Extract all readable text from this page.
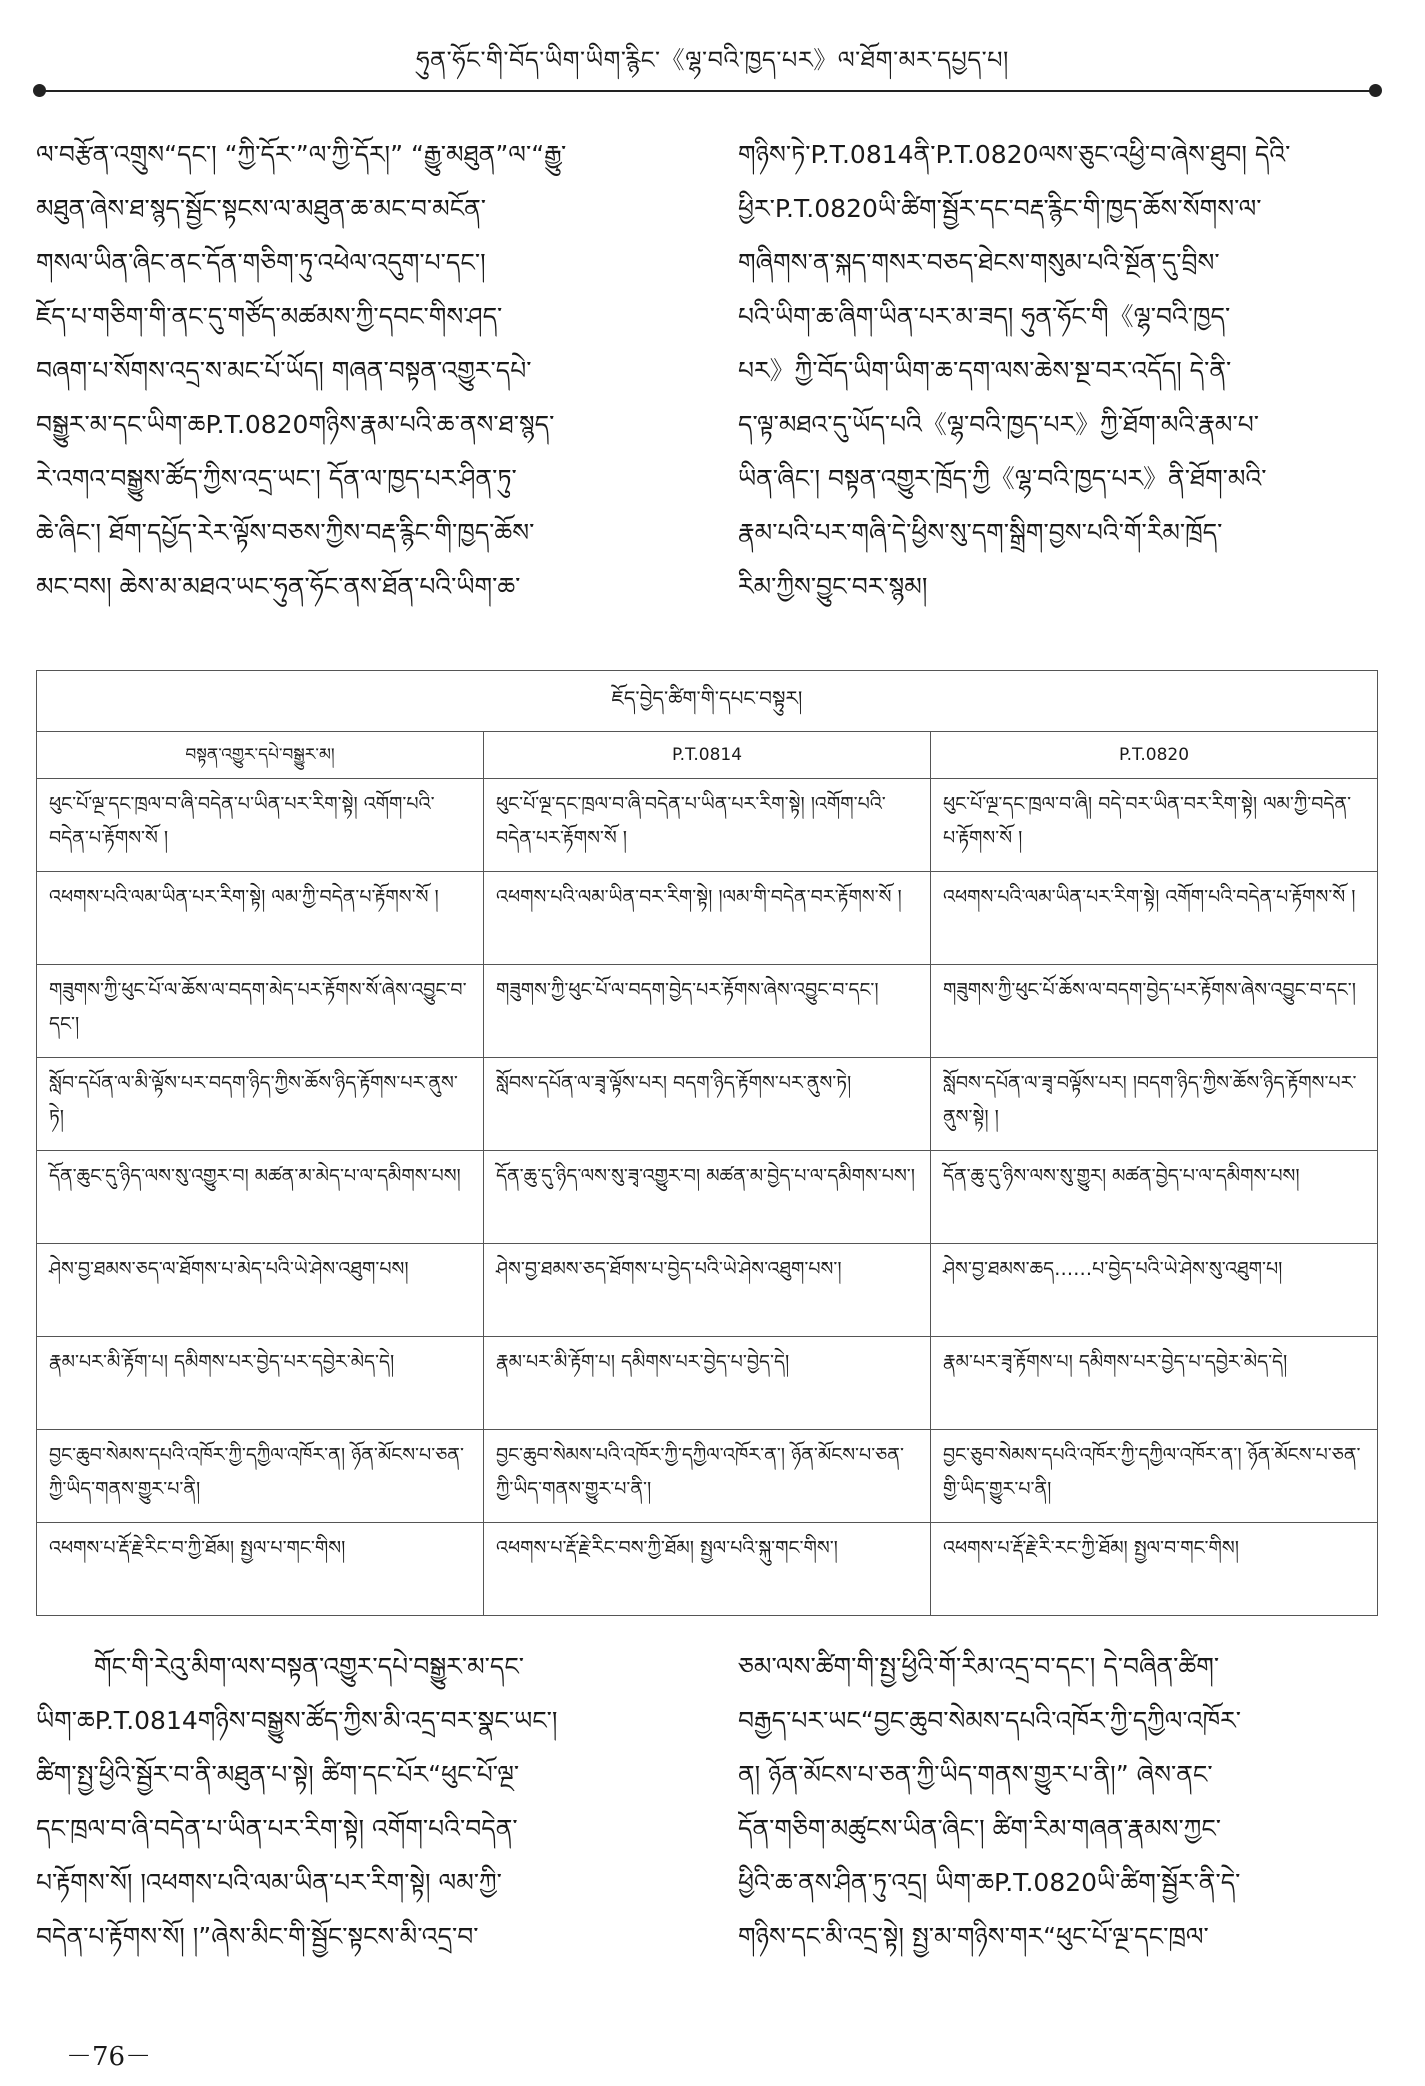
ཧུན་ཧོང་གི་བོད་ཡིག་ཡིག་རྙིང་《ལྷ་བའི་ཁྱད་པར》ལ་ཐོག་མར་དཔྱད་པ།

ལ་བརྩོན་འགྲུས“དང་། “ཀྱི་དོར་”ལ་ཀྱི་དོར།” “རྒྱུ་མཐུན”ལ་“རྒྱུ་

མཐུན་ཞེས་ཐ་སྙད་སྦྱོང་སྟངས་ལ་མཐུན་ཆ་མང་བ་མངོན་

གསལ་ཡིན་ཞིང་ནང་དོན་གཅིག་ཏུ་འཕེལ་འདུག་པ་དང་།

ཇོད་པ་གཅིག་གི་ནང་དུ་གཙོད་མཚམས་ཀྱི་དབང་གིས་ཤད་

བཞག་པ་སོགས་འདྲ་ས་མང་པོ་ཡོད། གཞན་བསྟན་འགྱུར་དཔེ་

བསྒྱུར་མ་དང་ཡིག་ཆP.T.0820གཉིས་རྣམ་པའི་ཆ་ནས་ཐ་སྙད་

རེ་འགའ་བསྒྱུས་ཚོད་ཀྱིས་འདྲ་ཡང་། དོན་ལ་ཁྱད་པར་ཤིན་ཏུ་

ཆེ་ཞིང་། ཐོག་དཔྱོད་རེར་ལྟོས་བཅས་ཀྱིས་བརྡ་རྙིང་གི་ཁྱད་ཆོས་

མང་བས། ཆེས་མ་མཐའ་ཡང་ཧུན་ཧོང་ནས་ཐོན་པའི་ཡིག་ཆ་

གཉིས་ཏེ་P.T.0814ནི་P.T.0820ལས་ཅུང་འཕྱི་བ་ཞེས་ཐུབ། དེའི་

ཕྱིར་P.T.0820ཡི་ཚིག་སྦྱོར་དང་བརྡ་རྙིང་གི་ཁྱད་ཆོས་སོགས་ལ་

གཞིགས་ན་སྐད་གསར་བཅད་ཐེངས་གསུམ་པའི་སྔོན་དུ་བྲིས་

པའི་ཡིག་ཆ་ཞིག་ཡིན་པར་མ་ཟད། ཧུན་ཧོང་གི《ལྷ་བའི་ཁྱད་

པར》ཀྱི་བོད་ཡིག་ཡིག་ཆ་དག་ལས་ཆེས་སྔ་བར་འདོད། དེ་ནི་

ད་ལྟ་མཐའ་དུ་ཡོད་པའི《ལྷ་བའི་ཁྱད་པར》ཀྱི་ཐོག་མའི་རྣམ་པ་

ཡིན་ཞིང་། བསྟན་འགྱུར་ཁྲོད་ཀྱི《ལྷ་བའི་ཁྱད་པར》ནི་ཐོག་མའི་

རྣམ་པའི་པར་གཞི་དེ་ཕྱིས་སུ་དག་སྒྲིག་བྱས་པའི་གོ་རིམ་ཁྲོད་

རིམ་ཀྱིས་བྱུང་བར་སྙམ།

ཇོད་བྱེད་ཚིག་གི་དཔང་བསྟུར།		
བསྟན་འགྱུར་དཔེ་བསྒྱུར་མ།	P.T.0814	P.T.0820
ཕུང་པོ་ལྔ་དང་ཁྲལ་བ་ཞི་བདེན་པ་ཡིན་པར་རིག་སྟེ། འགོག་པའི་བདེན་པ་རྟོགས་སོ །	ཕུང་པོ་ལྔ་དང་ཁྲལ་བ་ཞི་བདེན་པ་ཡིན་པར་རིག་སྟེ། །འགོག་པའི་བདེན་པར་རྟོགས་སོ །	ཕུང་པོ་ལྔ་དང་ཁྲལ་བ་ཞི། བདེ་བར་ཡིན་བར་རིག་སྟེ། ལམ་ཀྱི་བདེན་པ་རྟོགས་སོ །
འཕགས་པའི་ལམ་ཡིན་པར་རིག་སྟེ། ལམ་ཀྱི་བདེན་པ་རྟོགས་སོ །	འཕགས་པའི་ལམ་ཡིན་བར་རིག་སྟེ། །ལམ་གི་བདེན་བར་རྟོགས་སོ །	འཕགས་པའི་ལམ་ཡིན་པར་རིག་སྟེ། འགོག་པའི་བདེན་པ་རྟོགས་སོ །
གཟུགས་ཀྱི་ཕུང་པོ་ལ་ཆོས་ལ་བདག་མེད་པར་རྟོགས་སོ་ཞེས་འབྱུང་བ་དང་།	གཟུགས་ཀྱི་ཕུང་པོ་ལ་བདག་བྱེད་པར་རྟོགས་ཞེས་འབྱུང་བ་དང་།	གཟུགས་ཀྱི་ཕུང་པོ་ཆོས་ལ་བདག་བྱེད་པར་རྟོགས་ཞེས་འབྱུང་བ་དང་།
སློབ་དཔོན་ལ་མི་ལྟོས་པར་བདག་ཉིད་ཀྱིས་ཆོས་ཉིད་རྟོགས་པར་ནུས་ཏེ།	སློབས་དཔོན་ལ་ཟྭ་ལྟོས་པར། བདག་ཉིད་རྟོགས་པར་ནུས་ཏེ།	སློབས་དཔོན་ལ་ཟྭ་བལྟོས་པར། །བདག་ཉིད་ཀྱིས་ཆོས་ཉིད་རྟོགས་པར་ནུས་སྟེ། །
དོན་ཆུང་དུ་ཉིད་ལས་སུ་འགྱུར་བ། མཚན་མ་མེད་པ་ལ་དམིགས་པས།	དོན་ཆུ་དུ་ཉིད་ལས་སུ་ཟྭ་འགྱུར་བ། མཚན་མ་བྱེད་པ་ལ་དམིགས་པས་།	དོན་ཆུ་དུ་ཉིས་ལས་སུ་གྱུར། མཚན་བྱེད་པ་ལ་དམིགས་པས།
ཤེས་བྱ་ཐམས་ཅད་ལ་ཐོགས་པ་མེད་པའི་ཡེ་ཤེས་འཐུག་པས།	ཤེས་བྱ་ཐམས་ཅད་ཐོགས་པ་བྱེད་པའི་ཡེ་ཤེས་འཐུག་པས་།	ཤེས་བྱ་ཐམས་ཆད……པ་བྱེད་པའི་ཡེ་ཤེས་སུ་འཐུག་པ།
རྣམ་པར་མི་རྟོག་པ། དམིགས་པར་བྱེད་པར་དབྱེར་མེད་དེ།	རྣམ་པར་མི་རྟོག་པ། དམིགས་པར་བྱེད་པ་བྱེད་དེ།	རྣམ་པར་ཟྭ་རྟོགས་པ། དམིགས་པར་བྱེད་པ་དབྱེར་མེད་དེ།
བྱང་ཆུབ་སེམས་དཔའི་འཁོར་ཀྱི་དཀྱིལ་འཁོར་ན། ཉོན་མོངས་པ་ཅན་ཀྱི་ཡིད་གནས་གྱུར་པ་ནི།	བྱང་ཆུབ་སེམས་པའི་འཁོར་ཀྱི་དཀྱིལ་འཁོར་ན་། ཉོན་མོངས་པ་ཅན་ཀྱི་ཡིད་གནས་གྱུར་པ་ནི་།	བྱང་ཅུབ་སེམས་དཔའི་འཁོར་ཀྱི་དཀྱིལ་འཁོར་ན་། ཉོན་མོངས་པ་ཅན་གྱི་ཡིད་གྱུར་པ་ནི།
འཕགས་པ་རྡོ་རྗེ་རིང་བ་ཀྱི་ཐོམ། སྤྱལ་པ་གང་གིས།	འཕགས་པ་རྡོ་རྗེ་རིང་བས་ཀྱི་ཐོམ། སྤྱལ་པའི་སྐུ་གང་གིས་།	འཕགས་པ་རྡོ་རྗེ་རི་རང་ཀྱི་ཐོམ། སྤྱལ་བ་གང་གིས།

གོང་གི་རེའུ་མིག་ལས་བསྟན་འགྱུར་དཔེ་བསྒྱུར་མ་དང་

ཡིག་ཆP.T.0814གཉིས་བསྒྱུས་ཚོད་ཀྱིས་མི་འདྲ་བར་སྣང་ཡང་།

ཚིག་སྤྱ་ཕྱིའི་སྦྱོར་བ་ནི་མཐུན་པ་སྟེ། ཚིག་དང་པོར“ཕུང་པོ་ལྔ་

དང་ཁྲལ་བ་ཞི་བདེན་པ་ཡིན་པར་རིག་སྟེ། འགོག་པའི་བདེན་

པ་རྟོགས་སོ། །འཕགས་པའི་ལམ་ཡིན་པར་རིག་སྟེ། ལམ་ཀྱི་

བདེན་པ་རྟོགས་སོ། །”ཞེས་མིང་གི་སྦྱོང་སྟངས་མི་འདྲ་བ་

ཅམ་ལས་ཚིག་གི་སྤྱ་ཕྱིའི་གོ་རིམ་འདྲ་བ་དང་། དེ་བཞིན་ཚིག་

བརྒྱད་པར་ཡང“བྱང་ཆུབ་སེམས་དཔའི་འཁོར་ཀྱི་དཀྱིལ་འཁོར་

ན། ཉོན་མོངས་པ་ཅན་ཀྱི་ཡིད་གནས་གྱུར་པ་ནི།” ཞེས་ནང་

དོན་གཅིག་མཚུངས་ཡིན་ཞིང་། ཚིག་རིམ་གཞན་རྣམས་ཀྱང་

ཕྱིའི་ཆ་ནས་ཤིན་ཏུ་འདྲ། ཡིག་ཆP.T.0820ཡི་ཚིག་སྦྱོར་ནི་དེ་

གཉིས་དང་མི་འདྲ་སྟེ། སྤྱ་མ་གཉིས་གར“ཕུང་པོ་ལྔ་དང་ཁྲལ་

－76－
